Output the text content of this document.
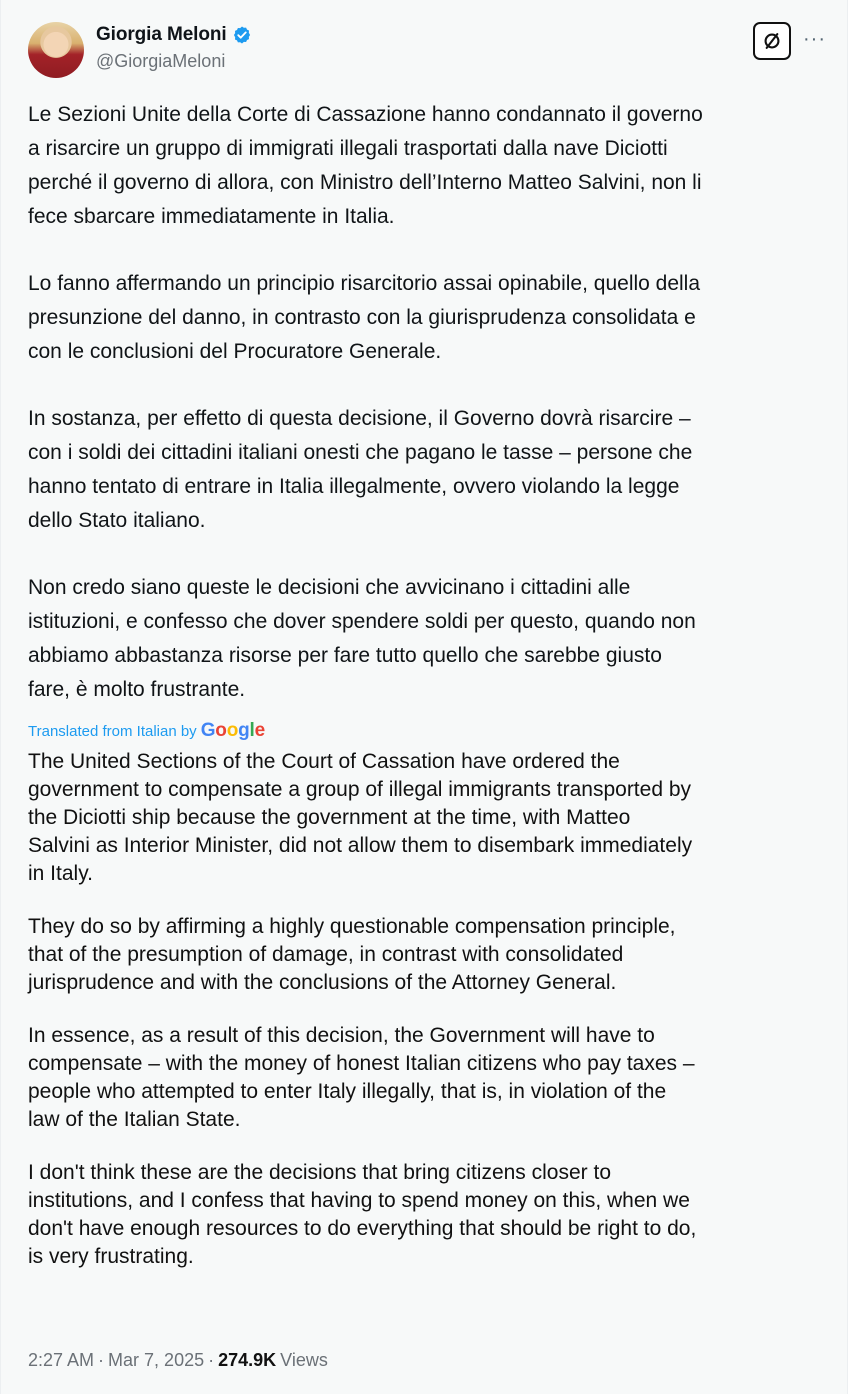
Giorgia Meloni
@GiorgiaMeloni
···

Le Sezioni Unite della Corte di Cassazione hanno condannato il governo
a risarcire un gruppo di immigrati illegali trasportati dalla nave Diciotti
perché il governo di allora, con Ministro dell’Interno Matteo Salvini, non li
fece sbarcare immediatamente in Italia.

Lo fanno affermando un principio risarcitorio assai opinabile, quello della
presunzione del danno, in contrasto con la giurisprudenza consolidata e
con le conclusioni del Procuratore Generale.

In sostanza, per effetto di questa decisione, il Governo dovrà risarcire –
con i soldi dei cittadini italiani onesti che pagano le tasse – persone che
hanno tentato di entrare in Italia illegalmente, ovvero violando la legge
dello Stato italiano.

Non credo siano queste le decisioni che avvicinano i cittadini alle
istituzioni, e confesso che dover spendere soldi per questo, quando non
abbiamo abbastanza risorse per fare tutto quello che sarebbe giusto
fare, è molto frustrante.

Translated from Italian by Google

The United Sections of the Court of Cassation have ordered the
government to compensate a group of illegal immigrants transported by
the Diciotti ship because the government at the time, with Matteo
Salvini as Interior Minister, did not allow them to disembark immediately
in Italy.

They do so by affirming a highly questionable compensation principle,
that of the presumption of damage, in contrast with consolidated
jurisprudence and with the conclusions of the Attorney General.

In essence, as a result of this decision, the Government will have to
compensate – with the money of honest Italian citizens who pay taxes –
people who attempted to enter Italy illegally, that is, in violation of the
law of the Italian State.

I don't think these are the decisions that bring citizens closer to
institutions, and I confess that having to spend money on this, when we
don't have enough resources to do everything that should be right to do,
is very frustrating.

2:27 AM · Mar 7, 2025 · 274.9K Views
